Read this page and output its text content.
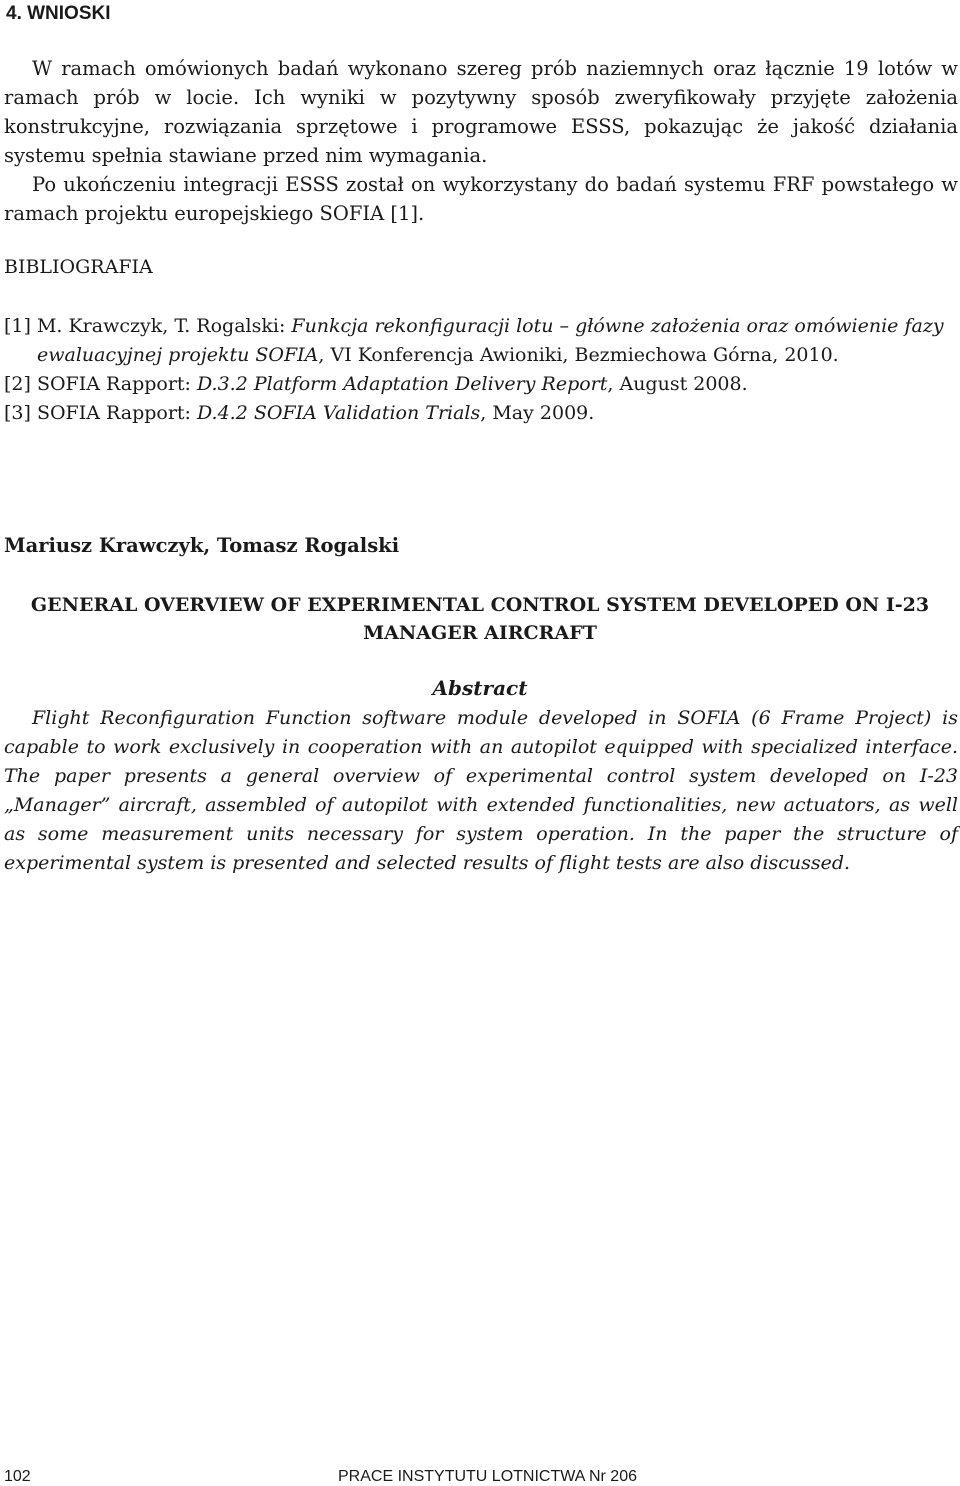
4. WNIOSKI

W ramach omówionych badań wykonano szereg prób naziemnych oraz łącznie 19 lotów w ramach prób w locie. Ich wyniki w pozytywny sposób zweryfikowały przyjęte założenia konstrukcyjne, rozwiązania sprzętowe i programowe ESSS, pokazując że jakość działania systemu spełnia stawiane przed nim wymagania.

Po ukończeniu integracji ESSS został on wykorzystany do badań systemu FRF powstałego w ramach projektu europejskiego SOFIA [1].

BIBLIOGRAFIA

[1] M. Krawczyk, T. Rogalski: Funkcja rekonfiguracji lotu – główne założenia oraz omówienie fazy ewaluacyjnej projektu SOFIA, VI Konferencja Awioniki, Bezmiechowa Górna, 2010.

[2] SOFIA Rapport: D.3.2 Platform Adaptation Delivery Report, August 2008.

[3] SOFIA Rapport: D.4.2 SOFIA Validation Trials, May 2009.

Mariusz Krawczyk, Tomasz Rogalski
GENERAL OVERVIEW OF EXPERIMENTAL CONTROL SYSTEM DEVELOPED ON I-23
MANAGER AIRCRAFT
Abstract

Flight Reconfiguration Function software module developed in SOFIA (6 Frame Project) is capable to work exclusively in cooperation with an autopilot equipped with specialized interface. The paper presents a general overview of experimental control system developed on I-23 „Manager” aircraft, assembled of autopilot with extended functionalities, new actuators, as well as some measurement units necessary for system operation. In the paper the structure of experimental system is presented and selected results of flight tests are also discussed.

102	PRACE INSTYTUTU LOTNICTWA Nr 206
